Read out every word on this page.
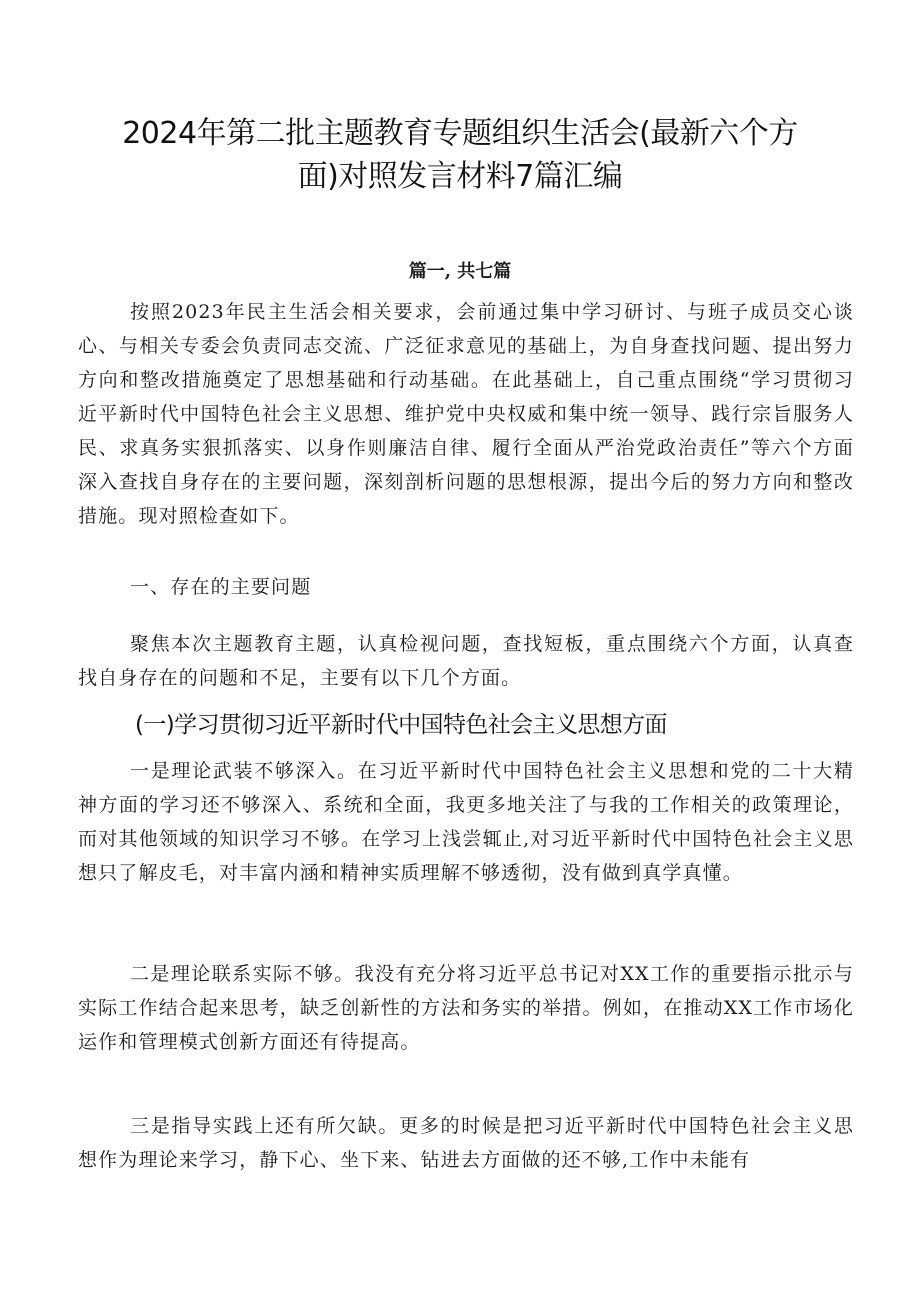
2024年第二批主题教育专题组织生活会(最新六个方
面)对照发言材料7篇汇编
篇一, 共七篇

按照2023年民主生活会相关要求，会前通过集中学习研讨、与班子成员交心谈心、与相关专委会负责同志交流、广泛征求意见的基础上，为自身查找问题、提出努力方向和整改措施奠定了思想基础和行动基础。在此基础上，自己重点围绕“学习贯彻习近平新时代中国特色社会主义思想、维护党中央权威和集中统一领导、践行宗旨服务人民、求真务实狠抓落实、以身作则廉洁自律、履行全面从严治党政治责任”等六个方面深入查找自身存在的主要问题，深刻剖析问题的思想根源，提出今后的努力方向和整改措施。现对照检查如下。

一、存在的主要问题

聚焦本次主题教育主题，认真检视问题，查找短板，重点围绕六个方面，认真查找自身存在的问题和不足，主要有以下几个方面。

(一)学习贯彻习近平新时代中国特色社会主义思想方面

一是理论武装不够深入。在习近平新时代中国特色社会主义思想和党的二十大精神方面的学习还不够深入、系统和全面，我更多地关注了与我的工作相关的政策理论，而对其他领域的知识学习不够。在学习上浅尝辄止,对习近平新时代中国特色社会主义思想只了解皮毛，对丰富内涵和精神实质理解不够透彻，没有做到真学真懂。

二是理论联系实际不够。我没有充分将习近平总书记对XX工作的重要指示批示与实际工作结合起来思考，缺乏创新性的方法和务实的举措。例如，在推动XX工作市场化运作和管理模式创新方面还有待提高。

三是指导实践上还有所欠缺。更多的时候是把习近平新时代中国特色社会主义思想作为理论来学习，静下心、坐下来、钻进去方面做的还不够,工作中未能有
